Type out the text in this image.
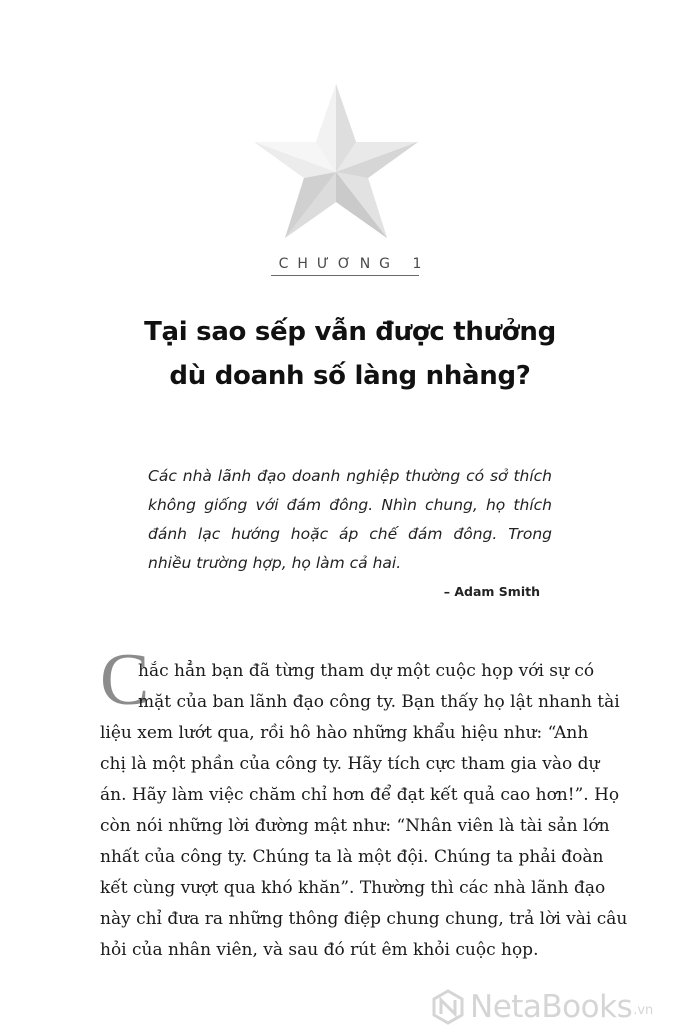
CHƯƠNG 1
Tại sao sếp vẫn được thưởng
dù doanh số làng nhàng?
Các nhà lãnh đạo doanh nghiệp thường có sở thích không giống với đám đông. Nhìn chung, họ thích đánh lạc hướng hoặc áp chế đám đông. Trong nhiều trường hợp, họ làm cả hai.
– Adam Smith
C
hắc hẳn bạn đã từng tham dự một cuộc họp với sự có
mặt của ban lãnh đạo công ty. Bạn thấy họ lật nhanh tài
liệu xem lướt qua, rồi hô hào những khẩu hiệu như: “Anh
chị là một phần của công ty. Hãy tích cực tham gia vào dự
án. Hãy làm việc chăm chỉ hơn để đạt kết quả cao hơn!”. Họ
còn nói những lời đường mật như: “Nhân viên là tài sản lớn
nhất của công ty. Chúng ta là một đội. Chúng ta phải đoàn
kết cùng vượt qua khó khăn”. Thường thì các nhà lãnh đạo
này chỉ đưa ra những thông điệp chung chung, trả lời vài câu
hỏi của nhân viên, và sau đó rút êm khỏi cuộc họp.
NetaBooks .vn
